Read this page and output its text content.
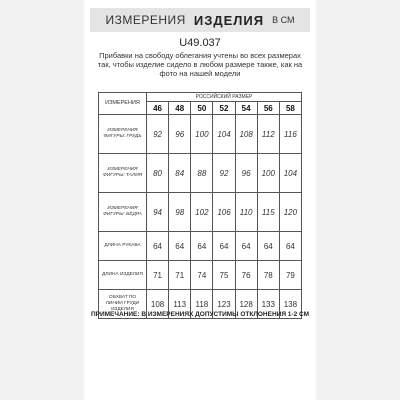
ИЗМЕРЕНИЯ ИЗДЕЛИЯ В СМ
U49.037
Прибавки на свободу облегания учтены во всех размерах так, чтобы изделие сидело в любом размере также, как на фото на нашей модели
ИЗМЕРЕНИЯ	РОССИЙСКИЙ РАЗМЕР						
	46	48	50	52	54	56	58
ИЗМЕРЕНИЯ ФИГУРЫ: ГРУДЬ	92	96	100	104	108	112	116
ИЗМЕРЕНИЯ ФИГУРЫ: ТАЛИЯ	80	84	88	92	96	100	104
ИЗМЕРЕНИЯ ФИГУРЫ: БЁДРА	94	98	102	106	110	115	120
ДЛИНА РУКАВА	64	64	64	64	64	64	64
ДЛИНА ИЗДЕЛИЯ	71	71	74	75	76	78	79
ОБХВАТ ПО ЛИНИИ ГРУДИ ИЗДЕЛИЯ	108	113	118	123	128	133	138
ПРИМЕЧАНИЕ: В ИЗМЕРЕНИЯХ ДОПУСТИМЫ ОТКЛОНЕНИЯ 1-2 СМ
